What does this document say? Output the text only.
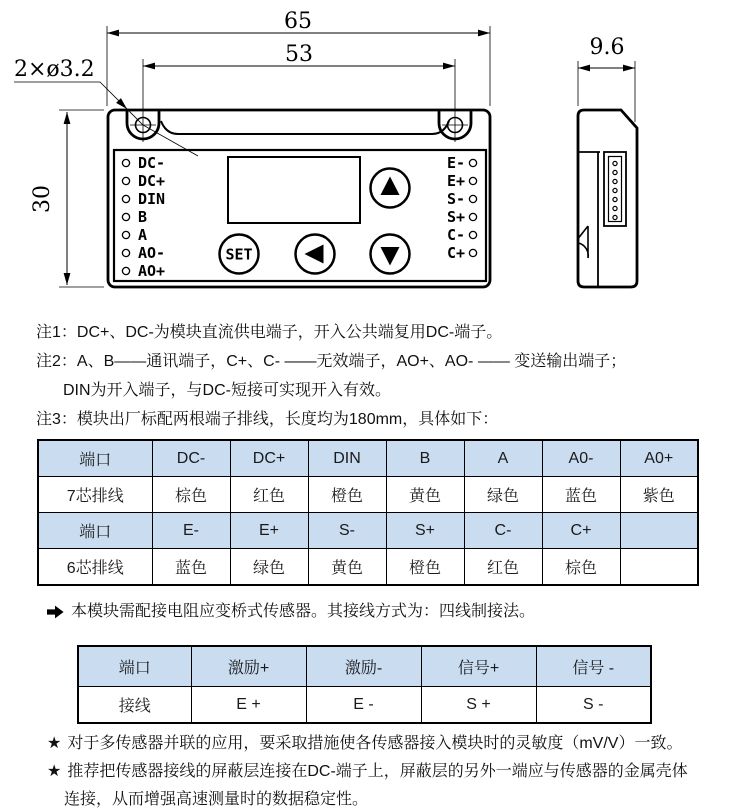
DC-
DC+
DIN
B
A
AO-
AO+
E-
E+
S-
S+
C-
C+
SET
65
53
30
2×ø3.2
9.6
注1：DC+、DC-为模块直流供电端子，开入公共端复用DC-端子。
注2：A、B——通讯端子，C+、C- ——无效端子，AO+、AO- —— 变送输出端子；
DIN为开入端子，与DC-短接可实现开入有效。
注3：模块出厂标配两根端子排线，长度均为180mm，具体如下：
端口	DC-	DC+	DIN	B	A	A0-	A0+
7芯排线	棕色	红色	橙色	黄色	绿色	蓝色	紫色
端口	E-	E+	S-	S+	C-	C+	
6芯排线	蓝色	绿色	黄色	橙色	红色	棕色	
本模块需配接电阻应变桥式传感器。其接线方式为：四线制接法。
端口	激励+	激励-	信号+	信号 -
接线	E +	E -	S +	S -
★ 对于多传感器并联的应用，要采取措施使各传感器接入模块时的灵敏度（mV/V）一致。
★ 推荐把传感器接线的屏蔽层连接在DC-端子上，屏蔽层的另外一端应与传感器的金属壳体
连接，从而增强高速测量时的数据稳定性。
